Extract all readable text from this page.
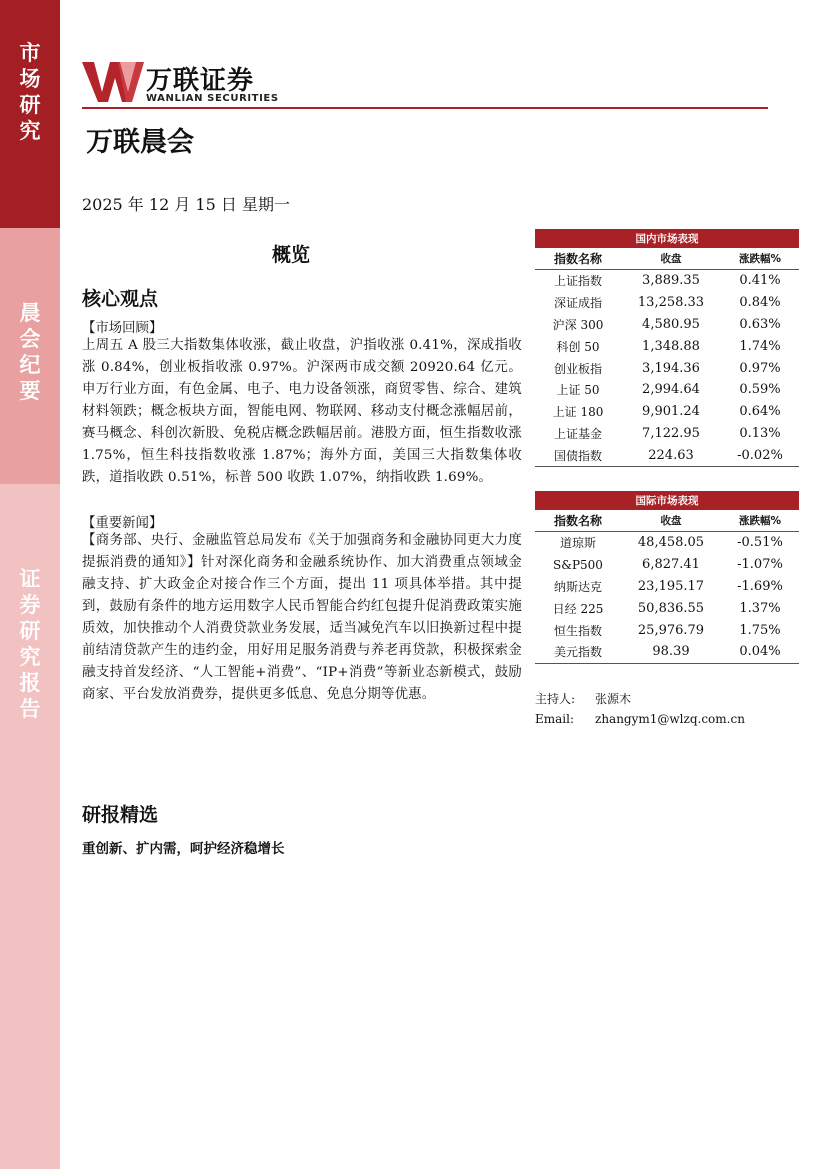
市
场
研
究
晨
会
纪
要
证
券
研
究
报
告
万联证券
WANLIAN SECURITIES
万联晨会
2025 年 12 月 15 日 星期一
概览
核心观点
【市场回顾】

上周五 A 股三大指数集体收涨，截止收盘，沪指收涨 0.41%，深成指收涨 0.84%，创业板指收涨 0.97%。沪深两市成交额 20920.64 亿元。申万行业方面，有色金属、电子、电力设备领涨，商贸零售、综合、建筑材料领跌；概念板块方面，智能电网、物联网、移动支付概念涨幅居前，赛马概念、科创次新股、免税店概念跌幅居前。港股方面，恒生指数收涨 1.75%，恒生科技指数收涨 1.87%；海外方面，美国三大指数集体收跌，道指收跌 0.51%，标普 500 收跌 1.07%，纳指收跌 1.69%。

【重要新闻】

【商务部、央行、金融监管总局发布《关于加强商务和金融协同更大力度提振消费的通知》】针对深化商务和金融系统协作、加大消费重点领域金融支持、扩大政金企对接合作三个方面，提出 11 项具体举措。其中提到，鼓励有条件的地方运用数字人民币智能合约红包提升促消费政策实施质效，加快推动个人消费贷款业务发展，适当减免汽车以旧换新过程中提前结清贷款产生的违约金，用好用足服务消费与养老再贷款，积极探索金融支持首发经济、“人工智能+消费”、“IP+消费”等新业态新模式，鼓励商家、平台发放消费券，提供更多低息、免息分期等优惠。

研报精选
重创新、扩内需，呵护经济稳增长
国内市场表现		
指数名称	收盘	涨跌幅%
上证指数	3,889.35	0.41%
深证成指	13,258.33	0.84%
沪深 300	4,580.95	0.63%
科创 50	1,348.88	1.74%
创业板指	3,194.36	0.97%
上证 50	2,994.64	0.59%
上证 180	9,901.24	0.64%
上证基金	7,122.95	0.13%
国债指数	224.63	-0.02%
国际市场表现		
指数名称	收盘	涨跌幅%
道琼斯	48,458.05	-0.51%
S&P500	6,827.41	-1.07%
纳斯达克	23,195.17	-1.69%
日经 225	50,836.55	1.37%
恒生指数	25,976.79	1.75%
美元指数	98.39	0.04%
主持人: 张源木
Email: zhangym1@wlzq.com.cn
